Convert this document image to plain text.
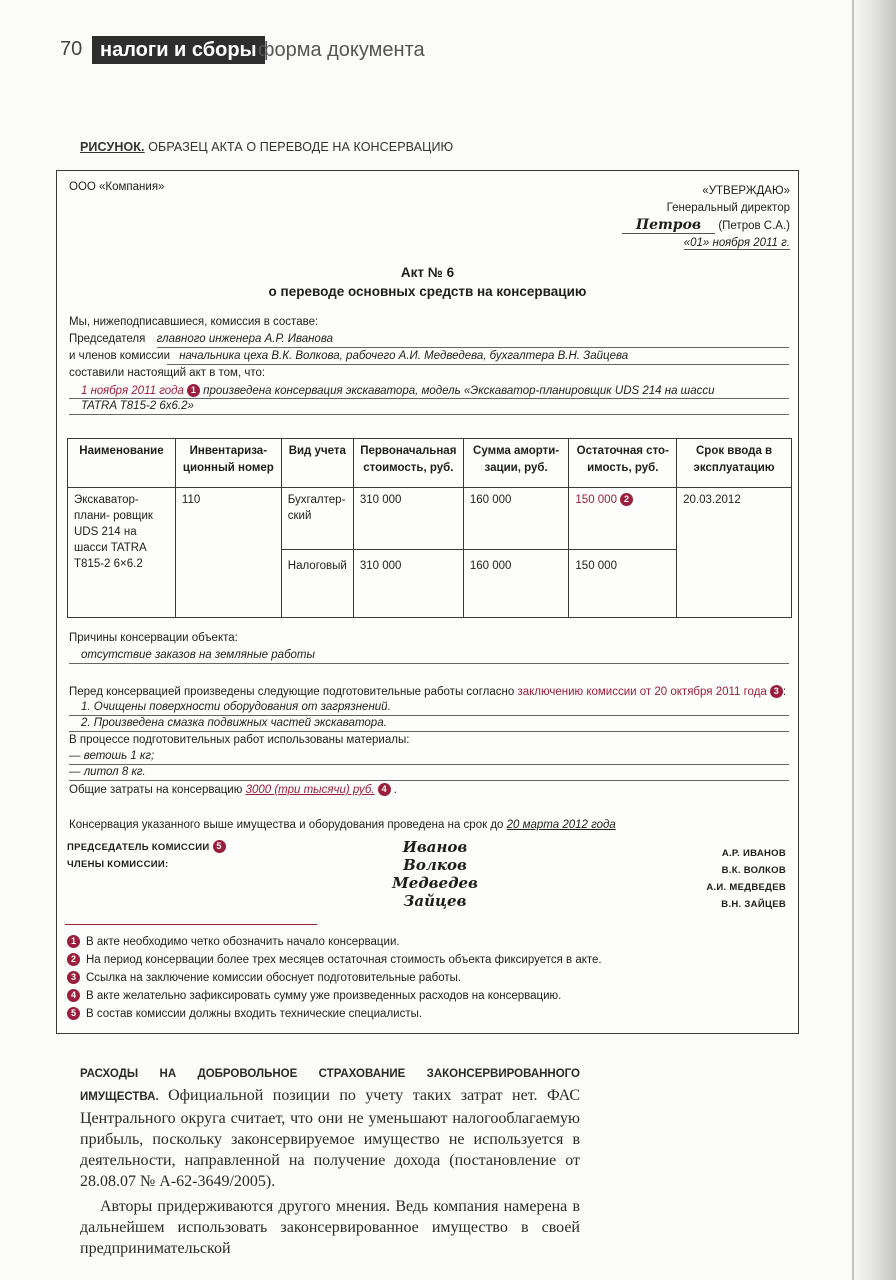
70 налоги и сборы форма документа
РИСУНОК. ОБРАЗЕЦ АКТА О ПЕРЕВОДЕ НА КОНСЕРВАЦИЮ
ООО «Компания»	«УТВЕРЖДАЮ»
Генеральный директор
Петров (Петров С.А.)
«01» ноября 2011 г.
Акт № 6
о переводе основных средств на консервацию
Мы, нижеподписавшиеся, комиссия в составе:
Председателя главного инженера А.Р. Иванова
и членов комиссии начальника цеха В.К. Волкова, рабочего А.И. Медведева, бухгалтера В.Н. Зайцева
составили настоящий акт в том, что:
1 ноября 2011 года 1 произведена консервация экскаватора, модель «Экскаватор-планировщик UDS 214 на шасси
TATRA T815-2 6x6.2»
Наименование	Инвентариза- ционный номер	Вид учета	Первоначальная стоимость, руб.	Сумма аморти- зации, руб.	Остаточная сто- имость, руб.	Срок ввода в эксплуатацию
Экскаватор-плани- ровщик UDS 214 на шасси TATRA T815-2 6×6.2	110	Бухгалтер- ский	310 000	160 000	150 000 2	20.03.2012
		Налоговый	310 000	160 000	150 000	
Причины консервации объекта:
отсутствие заказов на земляные работы
Перед консервацией произведены следующие подготовительные работы согласно заключению комиссии от 20 октября 2011 года 3 :
1. Очищены поверхности оборудования от загрязнений.
2. Произведена смазка подвижных частей экскаватора.
В процессе подготовительных работ использованы материалы:
— ветошь 1 кг;
— литол 8 кг.
Общие затраты на консервацию 3000 (три тысячи) руб. 4 .
Консервация указанного выше имущества и оборудования проведена на срок до 20 марта 2012 года
ПРЕДСЕДАТЕЛЬ КОМИССИИ 5
ЧЛЕНЫ КОМИССИИ:
Иванов
Волков
Медведев
Зайцев
А.Р. ИВАНОВ
В.К. ВОЛКОВ
А.И. МЕДВЕДЕВ
В.Н. ЗАЙЦЕВ
1 В акте необходимо четко обозначить начало консервации.
2 На период консервации более трех месяцев остаточная стоимость объекта фиксируется в акте.
3 Ссылка на заключение комиссии обоснует подготовительные работы.
4 В акте желательно зафиксировать сумму уже произведенных расходов на консервацию.
5 В состав комиссии должны входить технические специалисты.

РАСХОДЫ НА ДОБРОВОЛЬНОЕ СТРАХОВАНИЕ ЗАКОНСЕРВИРОВАННОГО ИМУЩЕСТВА. Официальной позиции по учету таких затрат нет. ФАС Центрального округа считает, что они не уменьшают налогооблагаемую прибыль, поскольку законсервируемое имущество не используется в деятельности, направленной на получение дохода (постановление от 28.08.07 № А-62-3649/2005).

Авторы придерживаются другого мнения. Ведь компания намерена в дальнейшем использовать законсервированное имущество в своей предпринимательской
